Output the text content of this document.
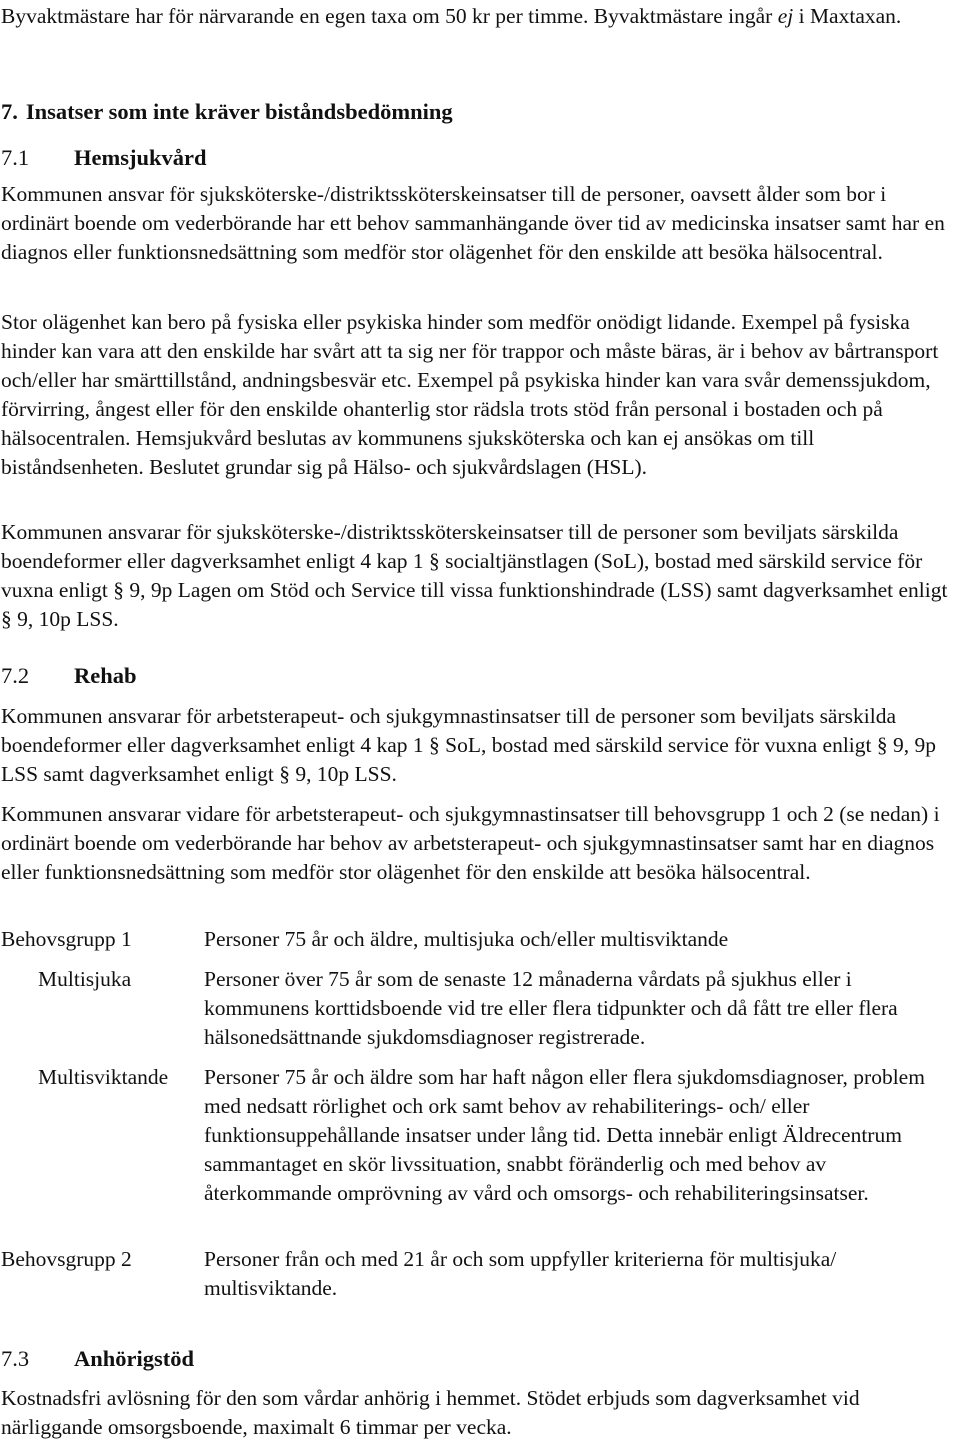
Byvaktmästare har för närvarande en egen taxa om 50 kr per timme. Byvaktmästare ingår ej i Maxtaxan.

7. Insatser som inte kräver biståndsbedömning
7.1 Hemsjukvård

Kommunen ansvar för sjuksköterske-/distriktssköterskeinsatser till de personer, oavsett ålder som bor i ordinärt boende om vederbörande har ett behov sammanhängande över tid av medicinska insatser samt har en diagnos eller funktionsnedsättning som medför stor olägenhet för den enskilde att besöka hälsocentral.

Stor olägenhet kan bero på fysiska eller psykiska hinder som medför onödigt lidande. Exempel på fysiska hinder kan vara att den enskilde har svårt att ta sig ner för trappor och måste bäras, är i behov av bårtransport och/eller har smärttillstånd, andningsbesvär etc. Exempel på psykiska hinder kan vara svår demenssjukdom, förvirring, ångest eller för den enskilde ohanterlig stor rädsla trots stöd från personal i bostaden och på hälsocentralen. Hemsjukvård beslutas av kommunens sjuksköterska och kan ej ansökas om till biståndsenheten. Beslutet grundar sig på Hälso- och sjukvårdslagen (HSL).

Kommunen ansvarar för sjuksköterske-/distriktssköterskeinsatser till de personer som beviljats särskilda boendeformer eller dagverksamhet enligt 4 kap 1 § socialtjänstlagen (SoL), bostad med särskild service för vuxna enligt § 9, 9p Lagen om Stöd och Service till vissa funktionshindrade (LSS) samt dagverksamhet enligt § 9, 10p LSS.

7.2 Rehab

Kommunen ansvarar för arbetsterapeut- och sjukgymnastinsatser till de personer som beviljats särskilda boendeformer eller dagverksamhet enligt 4 kap 1 § SoL, bostad med särskild service för vuxna enligt § 9, 9p LSS samt dagverksamhet enligt § 9, 10p LSS.

Kommunen ansvarar vidare för arbetsterapeut- och sjukgymnastinsatser till behovsgrupp 1 och 2 (se nedan) i ordinärt boende om vederbörande har behov av arbetsterapeut- och sjukgymnastinsatser samt har en diagnos eller funktionsnedsättning som medför stor olägenhet för den enskilde att besöka hälsocentral.

Behovsgrupp 1	Personer 75 år och äldre, multisjuka och/eller multisviktande
Multisjuka	Personer över 75 år som de senaste 12 månaderna vårdats på sjukhus eller i kommunens korttidsboende vid tre eller flera tidpunkter och då fått tre eller flera hälsonedsättnande sjukdomsdiagnoser registrerade.
Multisviktande Personer 75 år och äldre som har haft någon eller flera sjukdomsdiagnoser, problem med nedsatt rörlighet och ork samt behov av rehabiliterings- och/ eller funktionsuppehållande insatser under lång tid. Detta innebär enligt Äldrecentrum sammantaget en skör livssituation, snabbt föränderlig och med behov av återkommande omprövning av vård och omsorgs- och rehabiliteringsinsatser.
Behovsgrupp 2	Personer från och med 21 år och som uppfyller kriterierna för multisjuka/ multisviktande.
7.3 Anhörigstöd

Kostnadsfri avlösning för den som vårdar anhörig i hemmet. Stödet erbjuds som dagverksamhet vid närliggande omsorgsboende, maximalt 6 timmar per vecka.
